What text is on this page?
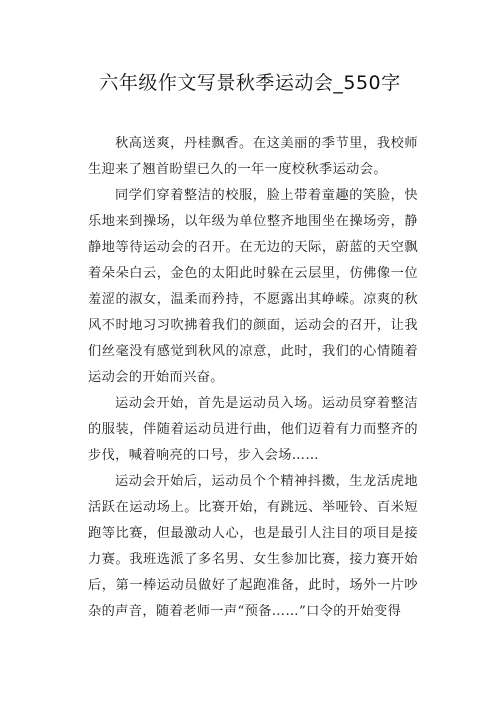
六年级作文写景秋季运动会_550字

秋高送爽，丹桂飘香。在这美丽的季节里，我校师生迎来了翘首盼望已久的一年一度校秋季运动会。

同学们穿着整洁的校服，脸上带着童趣的笑脸，快乐地来到操场，以年级为单位整齐地围坐在操场旁，静静地等待运动会的召开。在无边的天际，蔚蓝的天空飘着朵朵白云，金色的太阳此时躲在云层里，仿佛像一位羞涩的淑女，温柔而矜持，不愿露出其峥嵘。凉爽的秋风不时地习习吹拂着我们的颜面，运动会的召开，让我们丝毫没有感觉到秋风的凉意，此时，我们的心情随着运动会的开始而兴奋。

运动会开始，首先是运动员入场。运动员穿着整洁的服装，伴随着运动员进行曲，他们迈着有力而整齐的步伐，喊着响亮的口号，步入会场……

运动会开始后，运动员个个精神抖擞，生龙活虎地活跃在运动场上。比赛开始，有跳远、举哑铃、百米短跑等比赛，但最激动人心，也是最引人注目的项目是接力赛。我班选派了多名男、女生参加比赛，接力赛开始后，第一棒运动员做好了起跑准备，此时，场外一片吵杂的声音，随着老师一声“预备……”口令的开始变得
